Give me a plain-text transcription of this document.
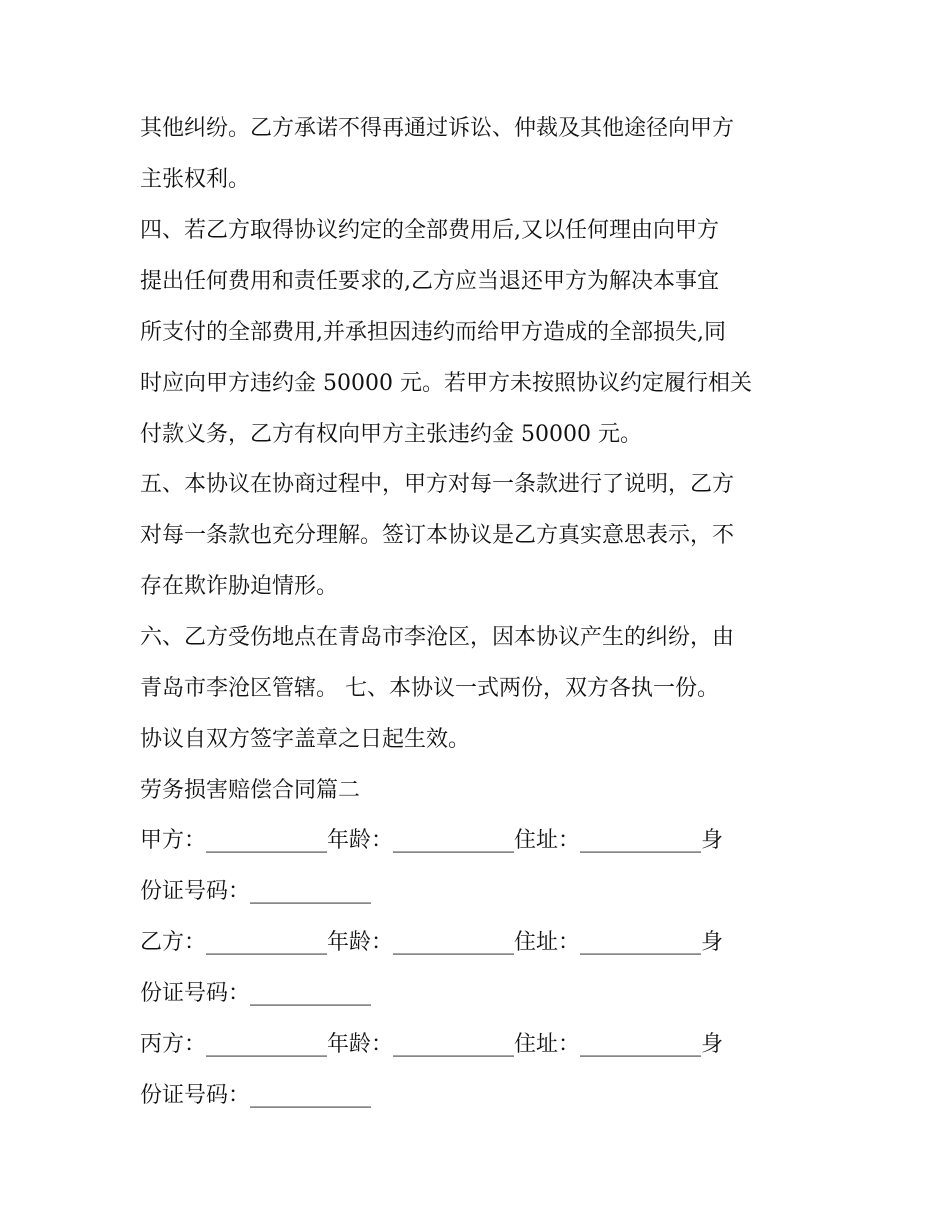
其他纠纷。乙方承诺不得再通过诉讼、仲裁及其他途径向甲方
主张权利。
四、若乙方取得协议约定的全部费用后,又以任何理由向甲方
提出任何费用和责任要求的,乙方应当退还甲方为解决本事宜
所支付的全部费用,并承担因违约而给甲方造成的全部损失,同
时应向甲方违约金 50000 元。若甲方未按照协议约定履行相关
付款义务，乙方有权向甲方主张违约金 50000 元。
五、本协议在协商过程中，甲方对每一条款进行了说明，乙方
对每一条款也充分理解。签订本协议是乙方真实意思表示，不
存在欺诈胁迫情形。
六、乙方受伤地点在青岛市李沧区，因本协议产生的纠纷，由
青岛市李沧区管辖。 七、本协议一式两份，双方各执一份。
协议自双方签字盖章之日起生效。
劳务损害赔偿合同篇二
甲方：___________年龄：___________住址：___________身
份证号码：___________
乙方：___________年龄：___________住址：___________身
份证号码：___________
丙方：___________年龄：___________住址：___________身
份证号码：___________
